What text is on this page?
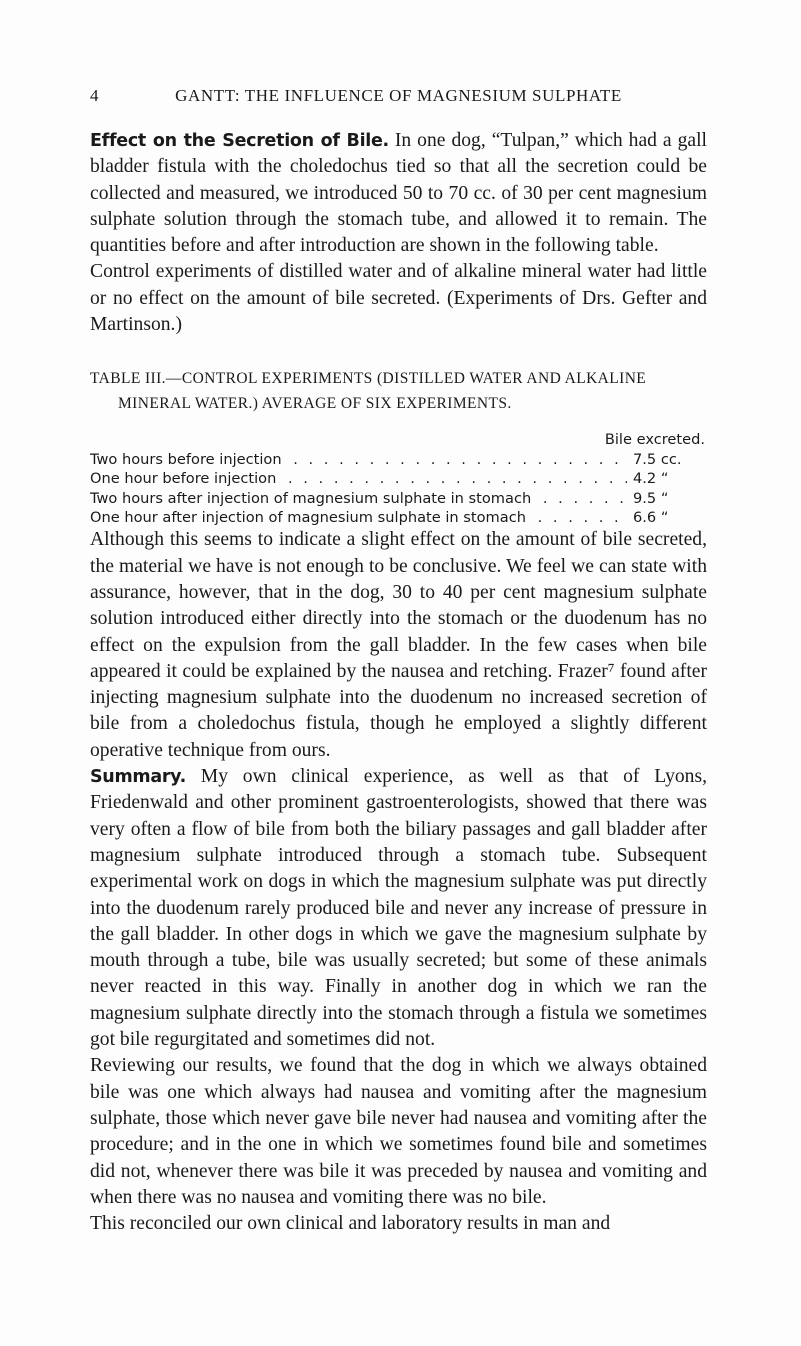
4	GANTT: THE INFLUENCE OF MAGNESIUM SULPHATE

Effect on the Secretion of Bile. In one dog, “Tulpan,” which had a gall bladder fistula with the choledochus tied so that all the secretion could be collected and measured, we introduced 50 to 70 cc. of 30 per cent magnesium sulphate solution through the stomach tube, and allowed it to remain. The quantities before and after introduction are shown in the following table.

Control experiments of distilled water and of alkaline mineral water had little or no effect on the amount of bile secreted. (Experiments of Drs. Gefter and Martinson.)

TABLE III.—CONTROL EXPERIMENTS (DISTILLED WATER AND ALKALINE
MINERAL WATER.) AVERAGE OF SIX EXPERIMENTS.
Bile excreted.
Two hours before injection . . .	7.5 cc.
One hour before injection . . .	4.2 “
Two hours after injection of magnesium sulphate in stomach . . .	9.5 “
One hour after injection of magnesium sulphate in stomach . . .	6.6 “

Although this seems to indicate a slight effect on the amount of bile secreted, the material we have is not enough to be conclusive. We feel we can state with assurance, however, that in the dog, 30 to 40 per cent magnesium sulphate solution introduced either directly into the stomach or the duodenum has no effect on the expulsion from the gall bladder. In the few cases when bile appeared it could be explained by the nausea and retching. Frazer⁷ found after injecting magnesium sulphate into the duodenum no increased secretion of bile from a choledochus fistula, though he employed a slightly different operative technique from ours.

Summary. My own clinical experience, as well as that of Lyons, Friedenwald and other prominent gastroenterologists, showed that there was very often a flow of bile from both the biliary passages and gall bladder after magnesium sulphate introduced through a stomach tube. Subsequent experimental work on dogs in which the magnesium sulphate was put directly into the duodenum rarely produced bile and never any increase of pressure in the gall bladder. In other dogs in which we gave the magnesium sulphate by mouth through a tube, bile was usually secreted; but some of these animals never reacted in this way. Finally in another dog in which we ran the magnesium sulphate directly into the stomach through a fistula we sometimes got bile regurgitated and sometimes did not.

Reviewing our results, we found that the dog in which we always obtained bile was one which always had nausea and vomiting after the magnesium sulphate, those which never gave bile never had nausea and vomiting after the procedure; and in the one in which we sometimes found bile and sometimes did not, whenever there was bile it was preceded by nausea and vomiting and when there was no nausea and vomiting there was no bile.

This reconciled our own clinical and laboratory results in man and
